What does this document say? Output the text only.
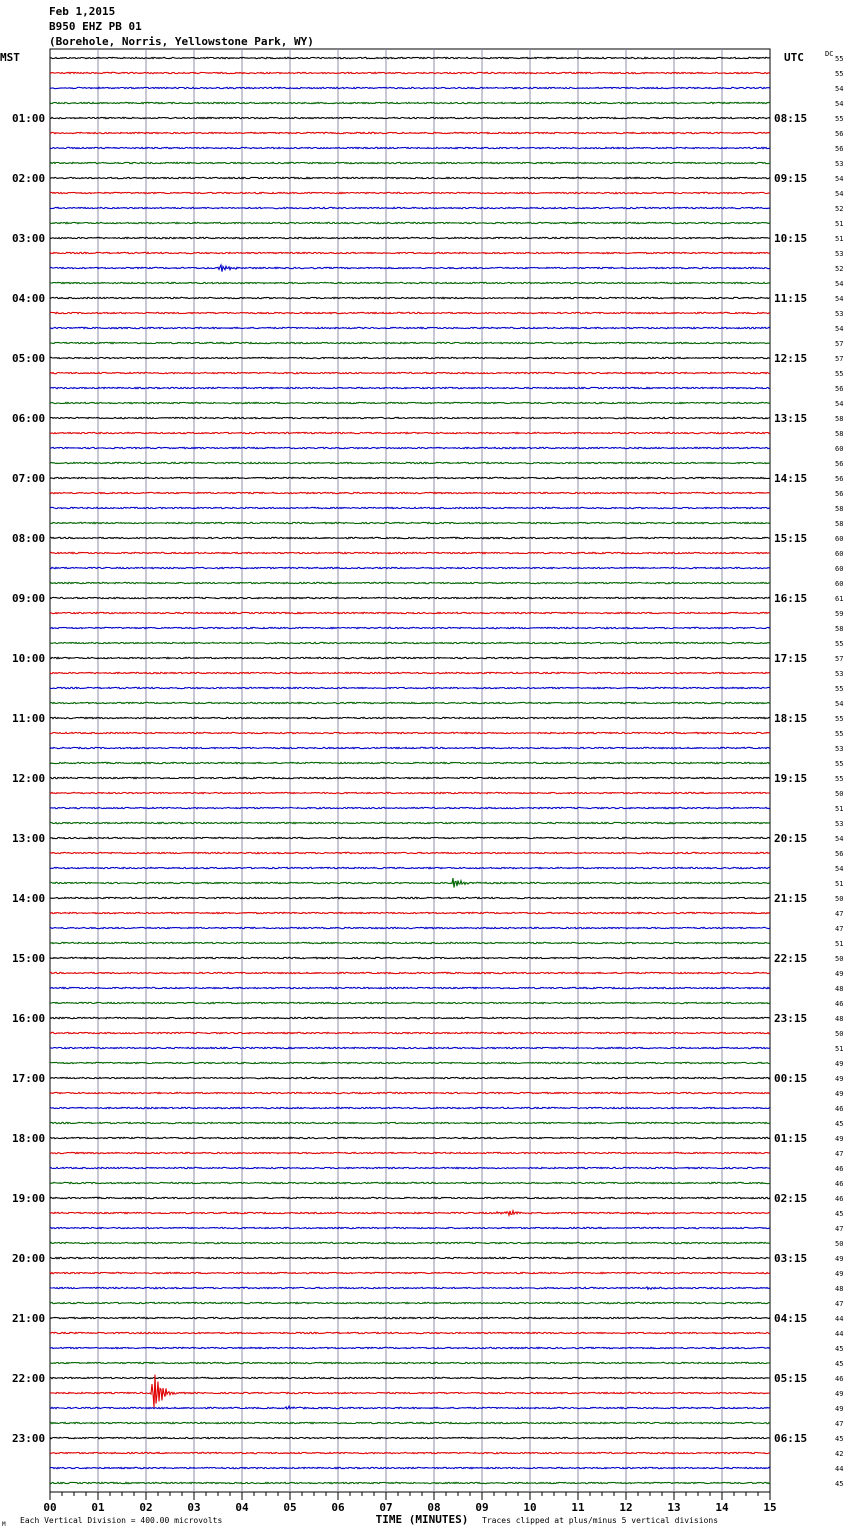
Feb 1,2015
B950 EHZ PB 01
(Borehole, Norris, Yellowstone Park, WY)
01:00
02:00
03:00
04:00
05:00
06:00
07:00
08:00
09:00
10:00
11:00
12:00
13:00
14:00
15:00
16:00
17:00
18:00
19:00
20:00
21:00
22:00
23:00
08:15
09:15
10:15
11:15
12:15
13:15
14:15
15:15
16:15
17:15
18:15
19:15
20:15
21:15
22:15
23:15
00:15
01:15
02:15
03:15
04:15
05:15
06:15
55
55
54
54
55
56
56
53
54
54
52
51
51
53
52
54
54
53
54
57
57
55
56
54
58
58
60
56
56
56
58
58
60
60
60
60
61
59
58
55
57
53
55
54
55
55
53
55
55
50
51
53
54
56
54
51
50
47
47
51
50
49
48
46
48
50
51
49
49
49
46
45
49
47
46
46
46
45
47
50
49
49
48
47
44
44
45
45
46
49
49
47
45
42
44
45
00	01	02	03	04	05	06	07	08	09	10	11	12	13	14	15
MST	UTC	DC
TIME (MINUTES)
Each Vertical Division = 400.00 microvolts	Traces clipped at plus/minus 5 vertical divisions
M
